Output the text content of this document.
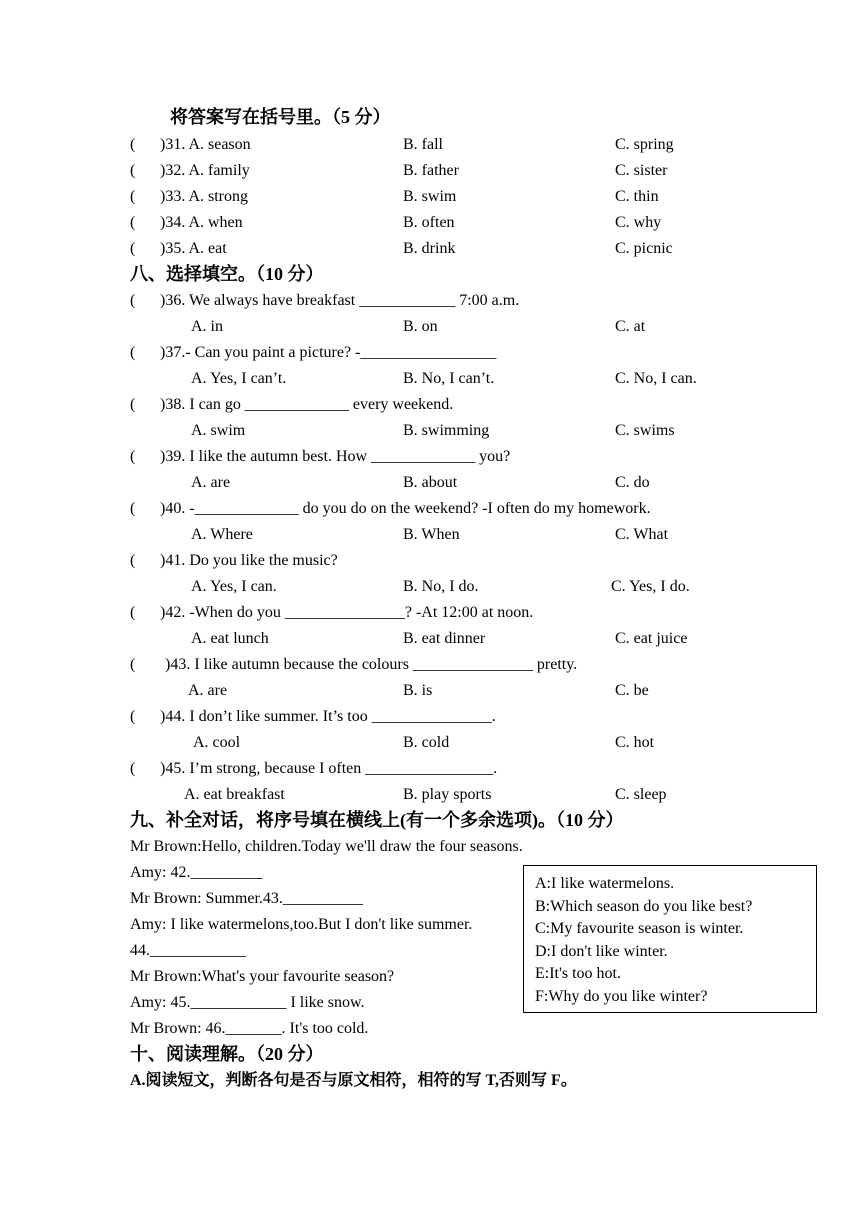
将答案写在括号里。（5 分）
( )31. A. season	B. fall	C. spring
( )32. A. family	B. father	C. sister
( )33. A. strong	B. swim	C. thin
( )34. A. when	B. often	C. why
( )35. A. eat	B. drink	C. picnic
八、选择填空。（10 分）
( )36. We always have breakfast ____________ 7:00 a.m.
A. in	B. on	C. at
( )37.- Can you paint a picture? -_________________
A. Yes, I can’t.	B. No, I can’t.	C. No, I can.
( )38. I can go _____________ every weekend.
A. swim	B. swimming	C. swims
( )39. I like the autumn best. How _____________ you?
A. are	B. about	C. do
( )40. -_____________ do you do on the weekend? -I often do my homework.
A. Where	B. When	C. What
( )41. Do you like the music?
A. Yes, I can.	B. No, I do.	C. Yes, I do.
( )42. -When do you _______________? -At 12:00 at noon.
A. eat lunch	B. eat dinner	C. eat juice
( )43. I like autumn because the colours _______________ pretty.
A. are	B. is	C. be
( )44. I don’t like summer. It’s too _______________.
A. cool	B. cold	C. hot
( )45. I’m strong, because I often ________________.
A. eat breakfast	B. play sports	C. sleep
九、补全对话，将序号填在横线上(有一个多余选项)。（10 分）
Mr Brown:Hello, children.Today we'll draw the four seasons.
Amy: 42._________
Mr Brown: Summer.43.__________
Amy: I like watermelons,too.But I don't like summer.
44.____________
Mr Brown:What's your favourite season?
Amy: 45.____________ I like snow.
Mr Brown: 46._______. It's too cold.
A:I like watermelons.
B:Which season do you like best?
C:My favourite season is winter.
D:I don't like winter.
E:It's too hot.
F:Why do you like winter?
十、阅读理解。（20 分）
A.阅读短文，判断各句是否与原文相符，相符的写 T,否则写 F。
